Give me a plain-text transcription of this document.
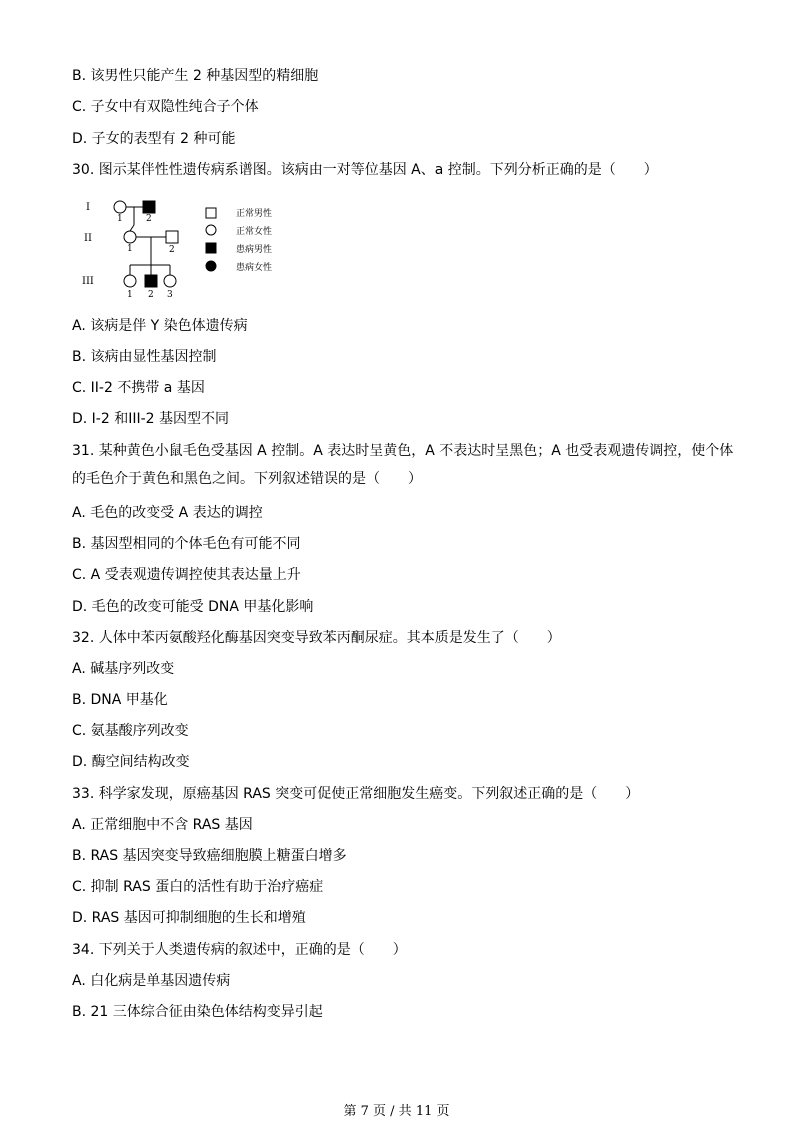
B. 该男性只能产生 2 种基因型的精细胞
C. 子女中有双隐性纯合子个体
D. 子女的表型有 2 种可能
30. 图示某伴性性遗传病系谱图。该病由一对等位基因 A、a 控制。下列分析正确的是（　　）
I
II
III
1	2
1	2
1 2 3
正常男性
正常女性
患病男性
患病女性
A. 该病是伴 Y 染色体遗传病
B. 该病由显性基因控制
C. II-2 不携带 a 基因
D. I-2 和III-2 基因型不同
31. 某种黄色小鼠毛色受基因 A 控制。A 表达时呈黄色，A 不表达时呈黑色；A 也受表观遗传调控，使个体
的毛色介于黄色和黑色之间。下列叙述错误的是（　　）
A. 毛色的改变受 A 表达的调控
B. 基因型相同的个体毛色有可能不同
C. A 受表观遗传调控使其表达量上升
D. 毛色的改变可能受 DNA 甲基化影响
32. 人体中苯丙氨酸羟化酶基因突变导致苯丙酮尿症。其本质是发生了（　　）
A. 碱基序列改变
B. DNA 甲基化
C. 氨基酸序列改变
D. 酶空间结构改变
33. 科学家发现，原癌基因 RAS 突变可促使正常细胞发生癌变。下列叙述正确的是（　　）
A. 正常细胞中不含 RAS 基因
B. RAS 基因突变导致癌细胞膜上糖蛋白增多
C. 抑制 RAS 蛋白的活性有助于治疗癌症
D. RAS 基因可抑制细胞的生长和增殖
34. 下列关于人类遗传病的叙述中，正确的是（　　）
A. 白化病是单基因遗传病
B. 21 三体综合征由染色体结构变异引起
第 7 页 / 共 11 页
